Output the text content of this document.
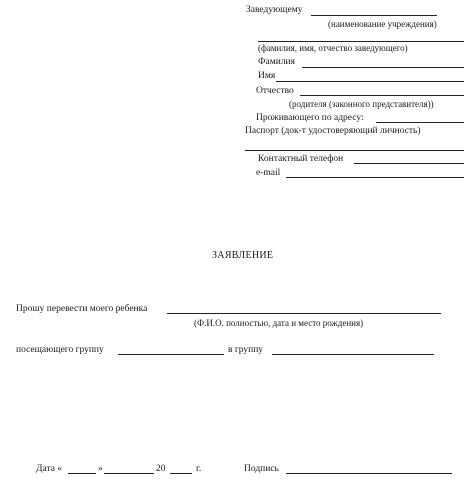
Заведующему
(наименование учреждения)
(фамилия, имя, отчество заведующего)
Фамилия
Имя
Отчество
(родителя (законного представителя))
Проживающего по адресу:
Паспорт (док-т удостоверяющий личность)
Контактный телефон
e-mail
ЗАЯВЛЕНИЕ
Прошу перевести моего ребенка
(Ф.И.О. полностью, дата и место рождения)
посещающего группу	в группу
Дата «	»	20	г.	Подпись
